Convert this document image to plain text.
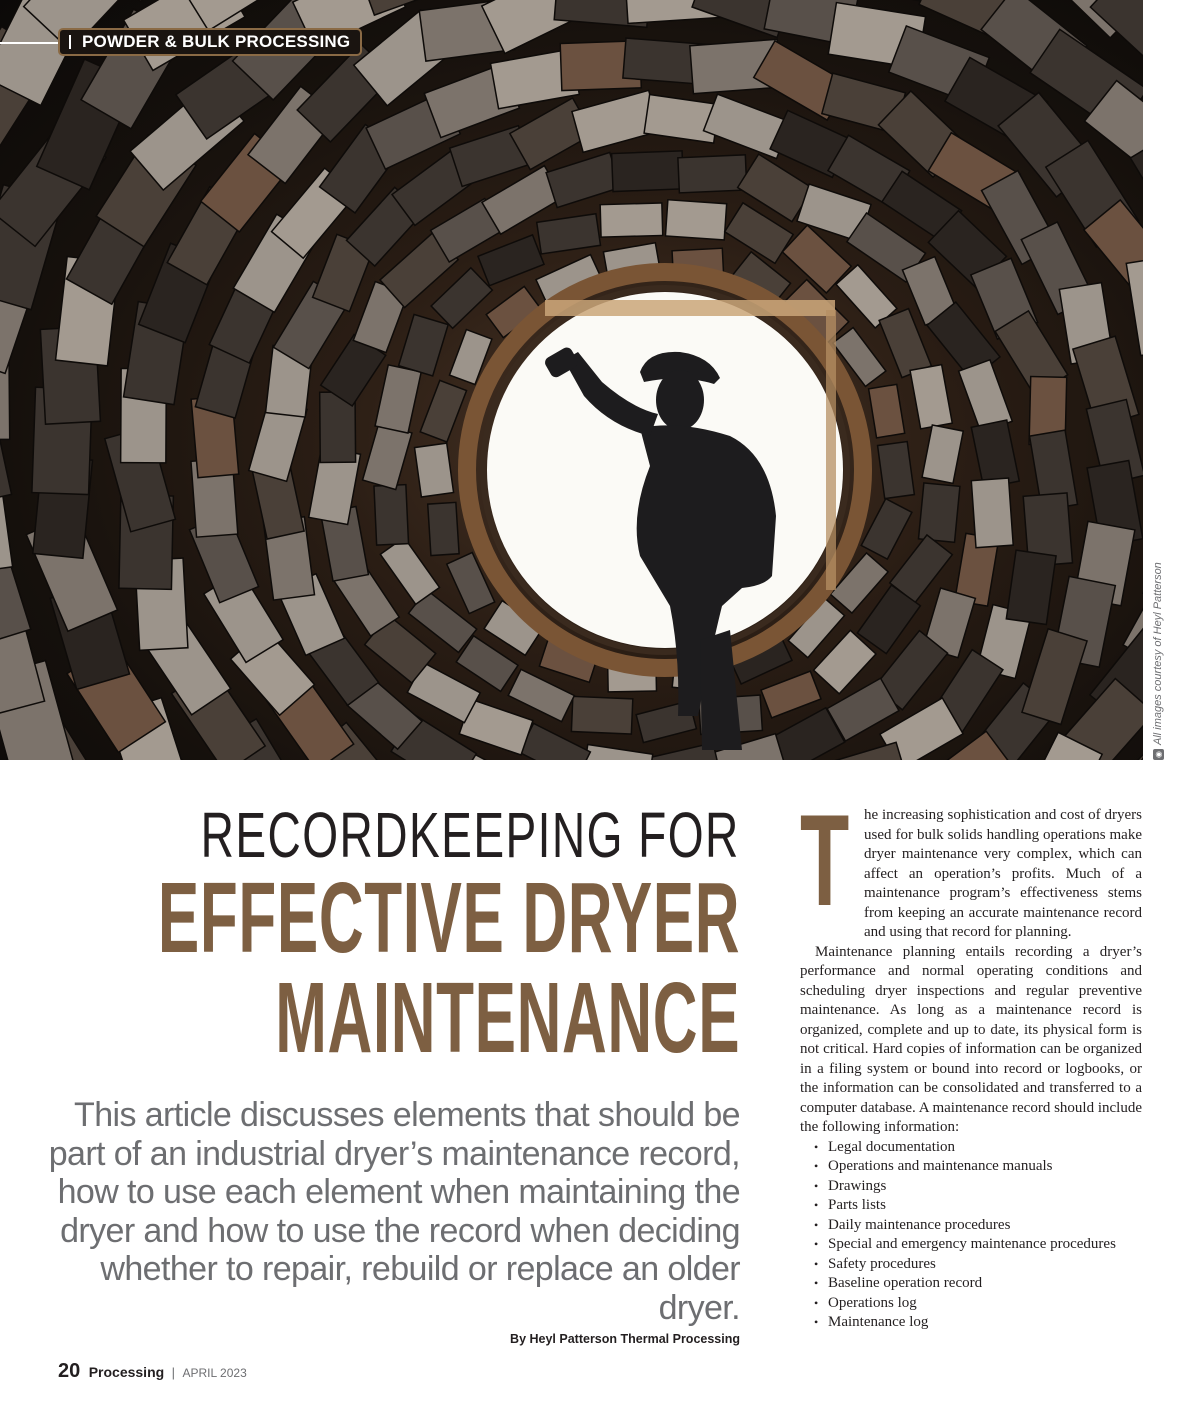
POWDER & BULK PROCESSING
◉All images courtesy of Heyl Patterson
RECORDKEEPING FOR
EFFECTIVE DRYER
MAINTENANCE
This article discusses elements that should be part of an industrial dryer’s maintenance record, how to use each element when maintaining the dryer and how to use the record when deciding whether to repair, rebuild or replace an older dryer.
By Heyl Patterson Thermal Processing
T he increasing sophistication and cost of dryers used for bulk solids handling operations make dryer maintenance very complex, which can affect an operation’s profits. Much of a maintenance program’s effectiveness stems from keeping an accurate maintenance record and using that record for planning.

Maintenance planning entails recording a dryer’s performance and normal operating conditions and scheduling dryer inspections and regular preventive maintenance. As long as a maintenance record is organized, complete and up to date, its physical form is not critical. Hard copies of information can be organized in a filing system or bound into record or logbooks, or the information can be consolidated and transferred to a computer database. A maintenance record should include the following information:

• Legal documentation
• Operations and maintenance manuals
• Drawings
• Parts lists
• Daily maintenance procedures
• Special and emergency maintenance procedures
• Safety procedures
• Baseline operation record
• Operations log
• Maintenance log
20 Processing | APRIL 2023
